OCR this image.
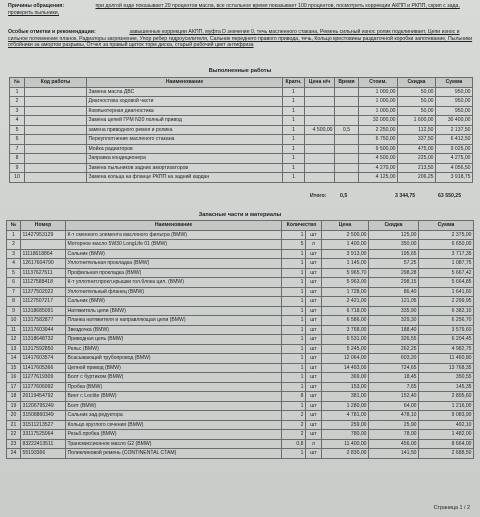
Причины обращения:	при долгой езде показывает 20 процентов масла, все остальное время показывает 100 процентов, посмотреть коррекции АКПП и РКПП, скрип с зада, проверить пыльники,
Особые отметки и рекомендации:	завышенные коррекции АКПП, муфта D значение 0, течь масленного стакана, Ремень сильный износ ролик подклинивает, Цепи износ и сильное потемнение планок, Радиаторы загрязнение, Упор ребер гидроусилителя, Сальник переднего правого привода, течь, Кольцо крестовины раздаточной коробки запотевание, Пыльники отбойники за амортов разрывы, Отчел за правый щиток торм диска, старый рабочий цвет антифриза
Выполненные работы
№	Код работы	Наименование	Кратн.	Цена н/ч	Время	Стоим.	Скидка	Сумма
1		Замена масла ДВС	1			1 000,00	50,00	950,00
2		Диагностика ходовой части	1			1 000,00	50,00	950,00
3		Компьютерная диагностика	1			1 000,00	50,00	950,00
4		Замена цепей ГРМ N20 полный привод	1			32 000,00	1 600,00	30 400,00
5		замена приводного ремня и ролика	1	4 500,00	0,5	2 250,00	112,50	2 137,50
6		Переуплотнение масленого стакана	1			6 750,00	337,50	6 412,50
7		Мойка радиаторов	1			9 500,00	475,00	9 025,00
8		Заправка кондиционера	1			4 500,00	225,00	4 275,00
9		Замена пыльников задних амортизаторов	1			4 270,00	213,50	4 056,50
10		Замена кольца на фланце РКПП на задний кардан	1			4 125,00	206,25	3 918,75
Итого:	0,5	3 344,75	63 550,25
Запасные части и материалы
№	Номер	Наименование	Количество		Цена	Скидка	Сумма
1	11427953129	К-т сменного элемента масляного фильтра (BMW)	1	шт	2 500,00	125,00	2 375,00
2		Моторное масло 5W30 LongLife 01 (BMW)	5	л	1 400,00	350,00	6 650,00
3	11118618864	Сальник (BMW)	1	шт	3 913,00	195,65	3 717,35
4	12617604790	Уплотнительная прокладка (BMW)	1	шт	1 145,00	57,25	1 087,75
5	11137627511	Профильная прокладка (BMW)	1	шт	5 965,70	298,28	5 667,42
6	11127588418	К-т уплотнит.прокл.крышки гол.блока цил. (BMW)	1	шт	5 963,00	298,15	5 664,85
7	11377502022	Уплотнительный фланец (BMW)	1	шт	1 728,00	86,40	1 641,60
8	11127507217	Сальник (BMW)	1	шт	2 421,00	121,05	2 299,95
9	11318685091	Натяжитель цепи (BMW)	1	шт	6 718,00	335,90	6 382,10
10	11317582877	Планка натяжителя и направляющая цепи (BMW)	1	шт	6 586,00	329,30	6 256,70
11	11317603944	Звездочка (BMW)	1	шт	3 768,00	188,40	3 579,60
12	11318648732	Приводная цепь (BMW)	1	шт	6 531,00	326,55	6 204,45
13	11317592850	Рельс (BMW)	1	шт	5 245,00	262,25	4 982,75
14	11417603574	Всасывающий трубопровод (BMW)	1	шт	12 064,00	603,20	11 460,80
15	11417605366	Цепной привод (BMW)	1	шт	14 493,00	724,65	13 768,35
16	11277619309	Болт с буртиком (BMW)	1	шт	369,00	18,45	350,55
17	11277606092	Пробка (BMW)	1	шт	153,00	7,65	145,35
18	26119454792	Винт с Loctite (BMW)	8	шт	381,00	152,40	2 895,60
19	31206795249	Болт (BMW)	1	шт	1 280,00	64,00	1 216,00
20	31508860349	Сальник зад.редуктора	2	шт	4 781,00	478,10	9 083,90
21	31511213527	Кольцо круглого сечения (BMW)	2	шт	259,00	25,90	492,10
22	33117525064	Резьб.пробка (BMW)	2	шт	780,00	78,00	1 482,00
23	83222413511	Трансмиссионное масло G2 (BMW)	0,8	л	11 400,00	456,00	8 664,00
24	55193366	Поликлиновой ремень (CONTINENTAL CTAM)	1	шт	2 830,00	141,50	2 688,50
Страница 1 / 2
